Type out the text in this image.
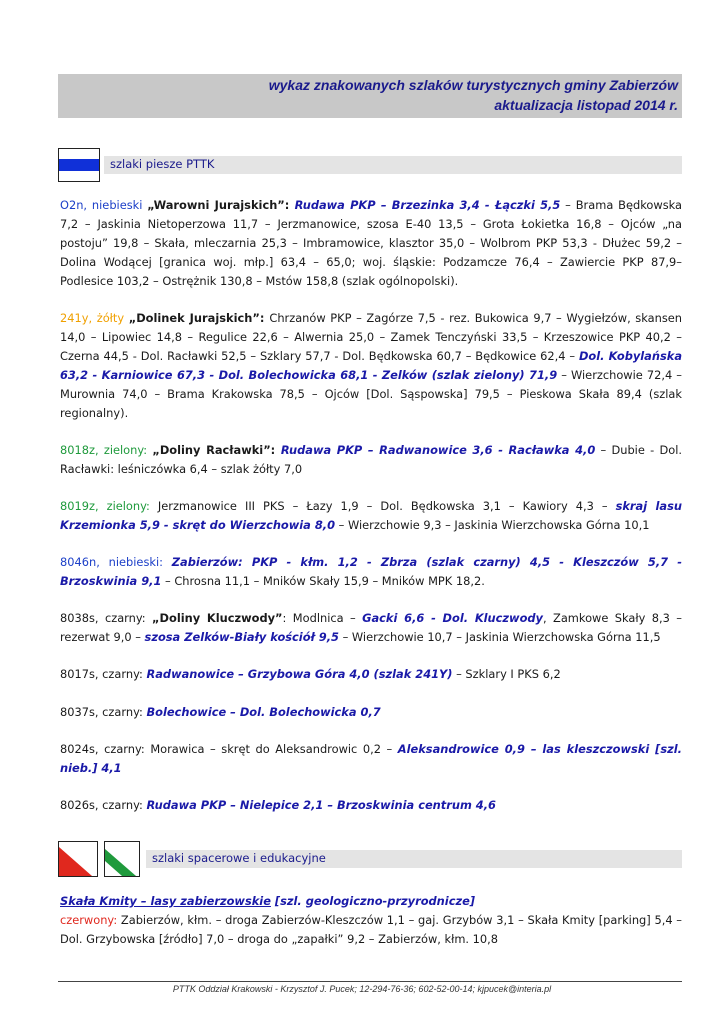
wykaz znakowanych szlaków turystycznych gminy Zabierzów
aktualizacja listopad 2014 r.
szlaki piesze PTTK

O2n, niebieski „Warowni Jurajskich”: Rudawa PKP – Brzezinka 3,4 - Łączki 5,5 – Brama Będkowska 7,2 – Jaskinia Nietoperzowa 11,7 – Jerzmanowice, szosa E-40 13,5 – Grota Łokietka 16,8 – Ojców „na postoju” 19,8 – Skała, mleczarnia 25,3 – Imbramowice, klasztor 35,0 – Wolbrom PKP 53,3 - Dłużec 59,2 – Dolina Wodącej [granica woj. młp.] 63,4 – 65,0; woj. śląskie: Podzamcze 76,4 – Zawiercie PKP 87,9– Podlesice 103,2 – Ostrężnik 130,8 – Mstów 158,8 (szlak ogólnopolski).

241y, żółty „Dolinek Jurajskich”: Chrzanów PKP – Zagórze 7,5 - rez. Bukowica 9,7 – Wygiełzów, skansen 14,0 – Lipowiec 14,8 – Regulice 22,6 – Alwernia 25,0 – Zamek Tenczyński 33,5 – Krzeszowice PKP 40,2 – Czerna 44,5 - Dol. Racławki 52,5 – Szklary 57,7 - Dol. Będkowska 60,7 – Będkowice 62,4 – Dol. Kobylańska 63,2 - Karniowice 67,3 - Dol. Bolechowicka 68,1 - Zelków (szlak zielony) 71,9 – Wierzchowie 72,4 – Murownia 74,0 – Brama Krakowska 78,5 – Ojców [Dol. Sąspowska] 79,5 – Pieskowa Skała 89,4 (szlak regionalny).

8018z, zielony: „Doliny Racławki”: Rudawa PKP – Radwanowice 3,6 - Racławka 4,0 – Dubie - Dol. Racławki: leśniczówka 6,4 – szlak żółty 7,0

8019z, zielony: Jerzmanowice III PKS – Łazy 1,9 – Dol. Będkowska 3,1 – Kawiory 4,3 – skraj lasu Krzemionka 5,9 - skręt do Wierzchowia 8,0 – Wierzchowie 9,3 – Jaskinia Wierzchowska Górna 10,1

8046n, niebieski: Zabierzów: PKP - kłm. 1,2 - Zbrza (szlak czarny) 4,5 - Kleszczów 5,7 - Brzoskwinia 9,1 – Chrosna 11,1 – Mników Skały 15,9 – Mników MPK 18,2.

8038s, czarny: „Doliny Kluczwody”: Modlnica – Gacki 6,6 - Dol. Kluczwody, Zamkowe Skały 8,3 – rezerwat 9,0 – szosa Zelków-Biały kościół 9,5 – Wierzchowie 10,7 – Jaskinia Wierzchowska Górna 11,5

8017s, czarny: Radwanowice – Grzybowa Góra 4,0 (szlak 241Y) – Szklary I PKS 6,2

8037s, czarny: Bolechowice – Dol. Bolechowicka 0,7

8024s, czarny: Morawica – skręt do Aleksandrowic 0,2 – Aleksandrowice 0,9 – las kleszczowski [szl. nieb.] 4,1

8026s, czarny: Rudawa PKP – Nielepice 2,1 – Brzoskwinia centrum 4,6

szlaki spacerowe i edukacyjne

Skała Kmity – lasy zabierzowskie [szl. geologiczno-przyrodnicze]
czerwony: Zabierzów, kłm. – droga Zabierzów-Kleszczów 1,1 – gaj. Grzybów 3,1 – Skała Kmity [parking] 5,4 – Dol. Grzybowska [źródło] 7,0 – droga do „zapałki” 9,2 – Zabierzów, kłm. 10,8

PTTK Oddział Krakowski - Krzysztof J. Pucek; 12-294-76-36; 602-52-00-14; kjpucek@interia.pl
